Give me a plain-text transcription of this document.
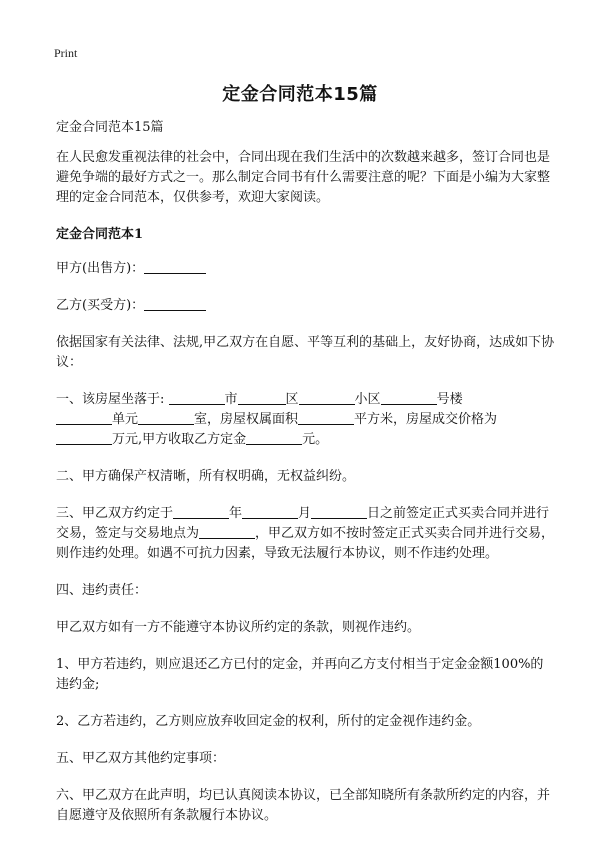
Print
定金合同范本15篇

定金合同范本15篇

在人民愈发重视法律的社会中，合同出现在我们生活中的次数越来越多，签订合同也是避免争端的最好方式之一。那么制定合同书有什么需要注意的呢？下面是小编为大家整理的定金合同范本，仅供参考，欢迎大家阅读。

定金合同范本1

甲方(出售方)：

乙方(买受方)：

依据国家有关法律、法规,甲乙双方在自愿、平等互利的基础上，友好协商，达成如下协议：

一、该房屋坐落于:	市	区	小区	号楼
单元	室，房屋权属面积	平方米，房屋成交价格为
万元,甲方收取乙方定金	元。

二、甲方确保产权清晰，所有权明确，无权益纠纷。

三、甲乙双方约定于	年	月	日之前签定正式买卖合同并进行交易，签定与交易地点为	，甲乙双方如不按时签定正式买卖合同并进行交易，则作违约处理。如遇不可抗力因素，导致无法履行本协议，则不作违约处理。

四、违约责任：

甲乙双方如有一方不能遵守本协议所约定的条款，则视作违约。

1、甲方若违约，则应退还乙方已付的定金，并再向乙方支付相当于定金金额100%的违约金;

2、乙方若违约，乙方则应放弃收回定金的权利，所付的定金视作违约金。

五、甲乙双方其他约定事项：

六、甲乙双方在此声明，均已认真阅读本协议，已全部知晓所有条款所约定的内容，并自愿遵守及依照所有条款履行本协议。
